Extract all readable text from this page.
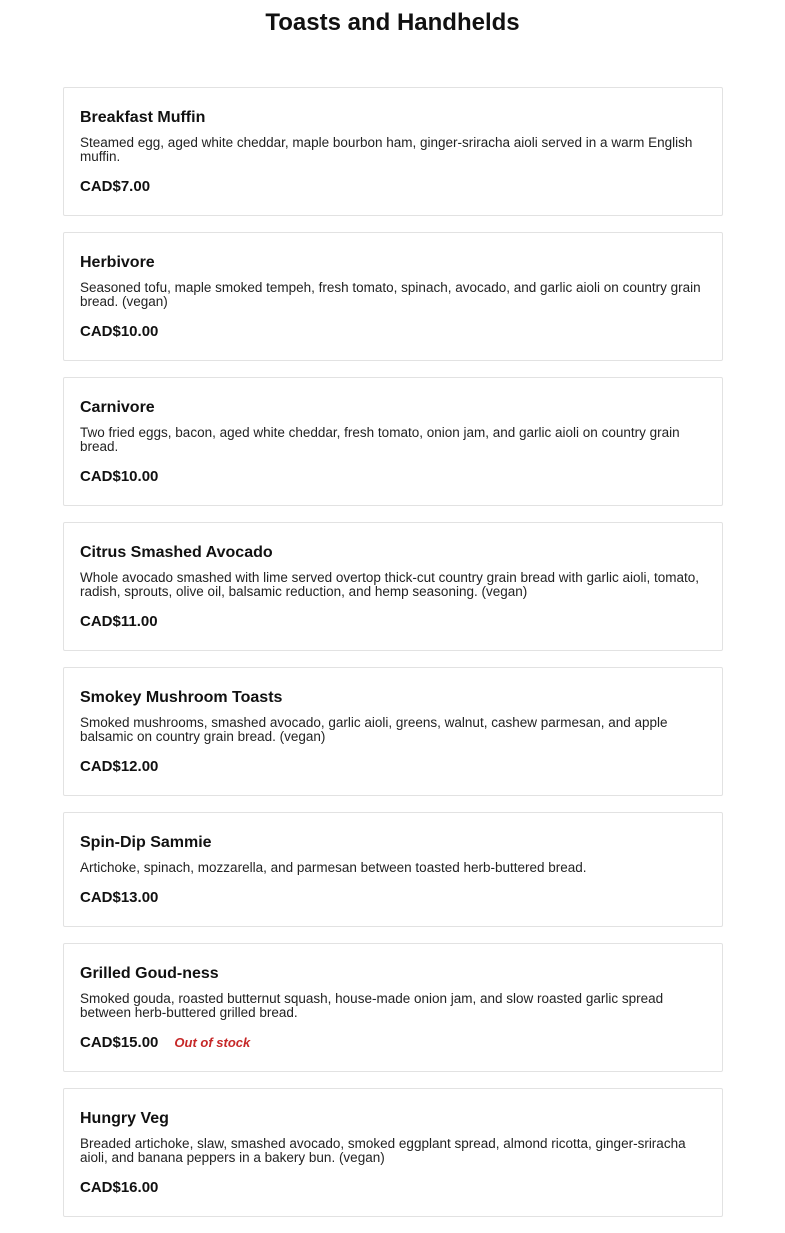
Toasts and Handhelds
Breakfast Muffin
Steamed egg, aged white cheddar, maple bourbon ham, ginger-sriracha aioli served in a warm English muffin.
CAD$7.00
Herbivore
Seasoned tofu, maple smoked tempeh, fresh tomato, spinach, avocado, and garlic aioli on country grain bread. (vegan)
CAD$10.00
Carnivore
Two fried eggs, bacon, aged white cheddar, fresh tomato, onion jam, and garlic aioli on country grain bread.
CAD$10.00
Citrus Smashed Avocado
Whole avocado smashed with lime served overtop thick-cut country grain bread with garlic aioli, tomato, radish, sprouts, olive oil, balsamic reduction, and hemp seasoning. (vegan)
CAD$11.00
Smokey Mushroom Toasts
Smoked mushrooms, smashed avocado, garlic aioli, greens, walnut, cashew parmesan, and apple balsamic on country grain bread. (vegan)
CAD$12.00
Spin-Dip Sammie
Artichoke, spinach, mozzarella, and parmesan between toasted herb-buttered bread.
CAD$13.00
Grilled Goud-ness
Smoked gouda, roasted butternut squash, house-made onion jam, and slow roasted garlic spread between herb-buttered grilled bread.
CAD$15.00 Out of stock
Hungry Veg
Breaded artichoke, slaw, smashed avocado, smoked eggplant spread, almond ricotta, ginger-sriracha aioli, and banana peppers in a bakery bun. (vegan)
CAD$16.00
